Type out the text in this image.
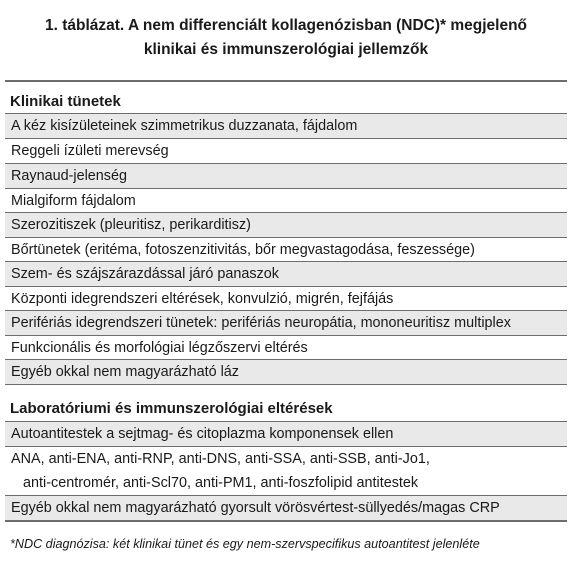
1. táblázat. A nem differenciált kollagenózisban (NDC)* megjelenő
klinikai és immunszerológiai jellemzők
Klinikai tünetek
A kéz kisízületeinek szimmetrikus duzzanata, fájdalom
Reggeli ízületi merevség
Raynaud-jelenség
Mialgiform fájdalom
Szerozitiszek (pleuritisz, perikarditisz)
Bőrtünetek (eritéma, fotoszenzitivitás, bőr megvastagodása, feszessége)
Szem- és szájszárazdással járó panaszok
Központi idegrendszeri eltérések, konvulzió, migrén, fejfájás
Perifériás idegrendszeri tünetek: perifériás neuropátia, mononeuritisz multiplex
Funkcionális és morfológiai légzőszervi eltérés
Egyéb okkal nem magyarázható láz
Laboratóriumi és immunszerológiai eltérések
Autoantitestek a sejtmag- és citoplazma komponensek ellen
ANA, anti-ENA, anti-RNP, anti-DNS, anti-SSA, anti-SSB, anti-Jo1,
anti-centromér, anti-Scl70, anti-PM1, anti-foszfolipid antitestek
Egyéb okkal nem magyarázható gyorsult vörösvértest-süllyedés/magas CRP
*NDC diagnózisa: két klinikai tünet és egy nem-szervspecifikus autoantitest jelenléte
